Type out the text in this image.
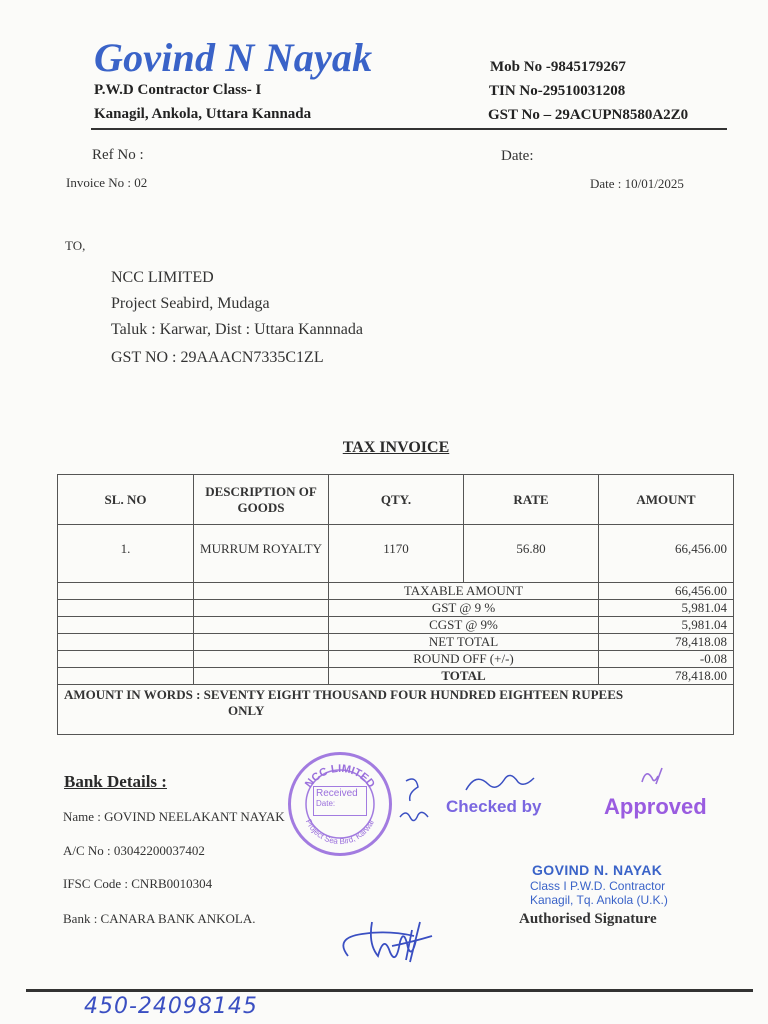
Govind N Nayak
P.W.D Contractor Class- I
Kanagil, Ankola, Uttara Kannada
Mob No -9845179267
TIN No-29510031208
GST No – 29ACUPN8580A2Z0
Ref No :	Date:
Invoice No : 02	Date : 10/01/2025
TO,
NCC LIMITED
Project Seabird, Mudaga
Taluk : Karwar, Dist : Uttara Kannnada
GST NO : 29AAACN7335C1ZL
TAX INVOICE
SL. NO	DESCRIPTION OF GOODS	QTY.	RATE	AMOUNT
1.	MURRUM ROYALTY	1170	56.80	66,456.00
		TAXABLE AMOUNT		66,456.00
		GST @ 9 %		5,981.04
		CGST @ 9%		5,981.04
		NET TOTAL		78,418.08
		ROUND OFF (+/-)		-0.08
		TOTAL		78,418.00

AMOUNT IN WORDS : SEVENTY EIGHT THOUSAND FOUR HUNDRED EIGHTEEN RUPEES
ONLY				
Bank Details :
Name : GOVIND NEELAKANT NAYAK
A/C No : 03042200037402
IFSC Code : CNRB0010304
Bank : CANARA BANK ANKOLA.
NCC LIMITED
Project Sea Bird, Karwar
Received
Date:	Checked by	Approved
GOVIND N. NAYAK
Class I P.W.D. Contractor
Kanagil, Tq. Ankola (U.K.)
Authorised Signature
450-24098145
